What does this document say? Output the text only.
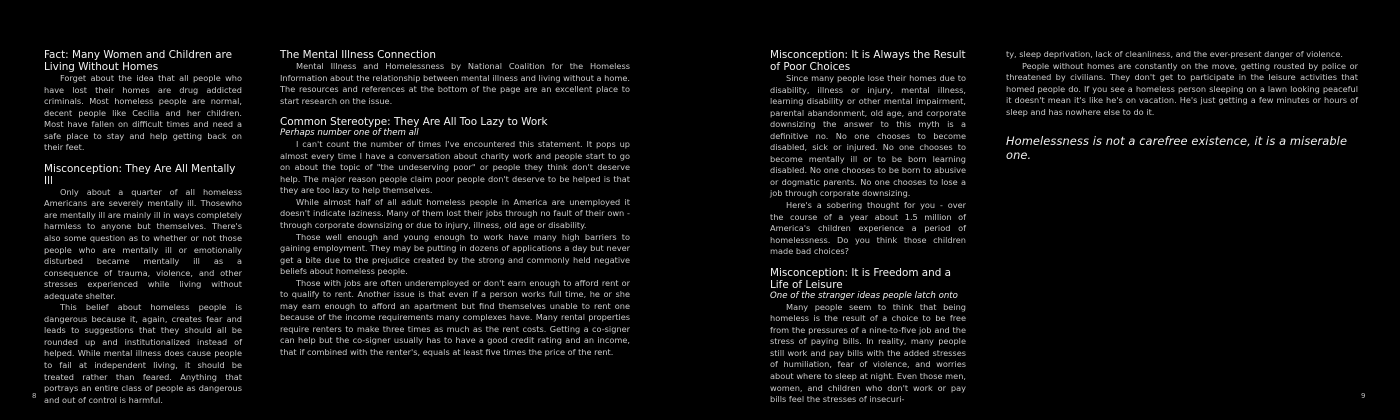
Fact: Many Women and Children are Living Without Homes

Forget about the idea that all people who have lost their homes are drug addicted criminals. Most homeless people are normal, decent people like Cecilia and her children. Most have fallen on difficult times and need a safe place to stay and help getting back on their feet.

Misconception: They Are All Mentally Ill

Only about a quarter of all homeless Americans are severely mentally ill. Thosewho are mentally ill are mainly ill in ways completely harmless to anyone but themselves. There's also some question as to whether or not those people who are mentally ill or emotionally disturbed became mentally ill as a consequence of trauma, violence, and other stresses experienced while living without adequate shelter.

This belief about homeless people is dangerous because it, again, creates fear and leads to suggestions that they should all be rounded up and institutionalized instead of helped. While mental illness does cause people to fail at independent living, it should be treated rather than feared. Anything that portrays an entire class of people as dangerous and out of control is harmful.

The Mental Illness Connection

Mental Illness and Homelessness by National Coalition for the Homeless Information about the relationship between mental illness and living without a home. The resources and references at the bottom of the page are an excellent place to start research on the issue.

Common Stereotype: They Are All Too Lazy to Work

Perhaps number one of them all

I can't count the number of times I've encountered this statement. It pops up almost every time I have a conversation about charity work and people start to go on about the topic of "the undeserving poor" or people they think don't deserve help. The major reason people claim poor people don't deserve to be helped is that they are too lazy to help themselves.

While almost half of all adult homeless people in America are unemployed it doesn't indicate laziness. Many of them lost their jobs through no fault of their own - through corporate downsizing or due to injury, illness, old age or disability.

Those well enough and young enough to work have many high barriers to gaining employment. They may be putting in dozens of applications a day but never get a bite due to the prejudice created by the strong and commonly held negative beliefs about homeless people.

Those with jobs are often underemployed or don't earn enough to afford rent or to qualify to rent. Another issue is that even if a person works full time, he or she may earn enough to afford an apartment but find themselves unable to rent one because of the income requirements many complexes have. Many rental properties require renters to make three times as much as the rent costs. Getting a co-signer can help but the co-signer usually has to have a good credit rating and an income, that if combined with the renter's, equals at least five times the price of the rent.

8
Misconception: It is Always the Result of Poor Choices

Since many people lose their homes due to disability, illness or injury, mental illness, learning disability or other mental impairment, parental abandonment, old age, and corporate downsizing the answer to this myth is a definitive no. No one chooses to become disabled, sick or injured. No one chooses to become mentally ill or to be born learning disabled. No one chooses to be born to abusive or dogmatic parents. No one chooses to lose a job through corporate downsizing.

Here's a sobering thought for you - over the course of a year about 1.5 million of America's children experience a period of homelessness. Do you think those children made bad choices?

Misconception: It is Freedom and a Life of Leisure

One of the stranger ideas people latch onto

Many people seem to think that being homeless is the result of a choice to be free from the pressures of a nine-to-five job and the stress of paying bills. In reality, many people still work and pay bills with the added stresses of humiliation, fear of violence, and worries about where to sleep at night. Even those men, women, and children who don't work or pay bills feel the stresses of insecuri-

ty, sleep deprivation, lack of cleanliness, and the ever-present danger of violence.

People without homes are constantly on the move, getting rousted by police or threatened by civilians. They don't get to participate in the leisure activities that homed people do. If you see a homeless person sleeping on a lawn looking peaceful it doesn't mean it's like he's on vacation. He's just getting a few minutes or hours of sleep and has nowhere else to do it.

Homelessness is not a carefree existence, it is a miserable one.

9
